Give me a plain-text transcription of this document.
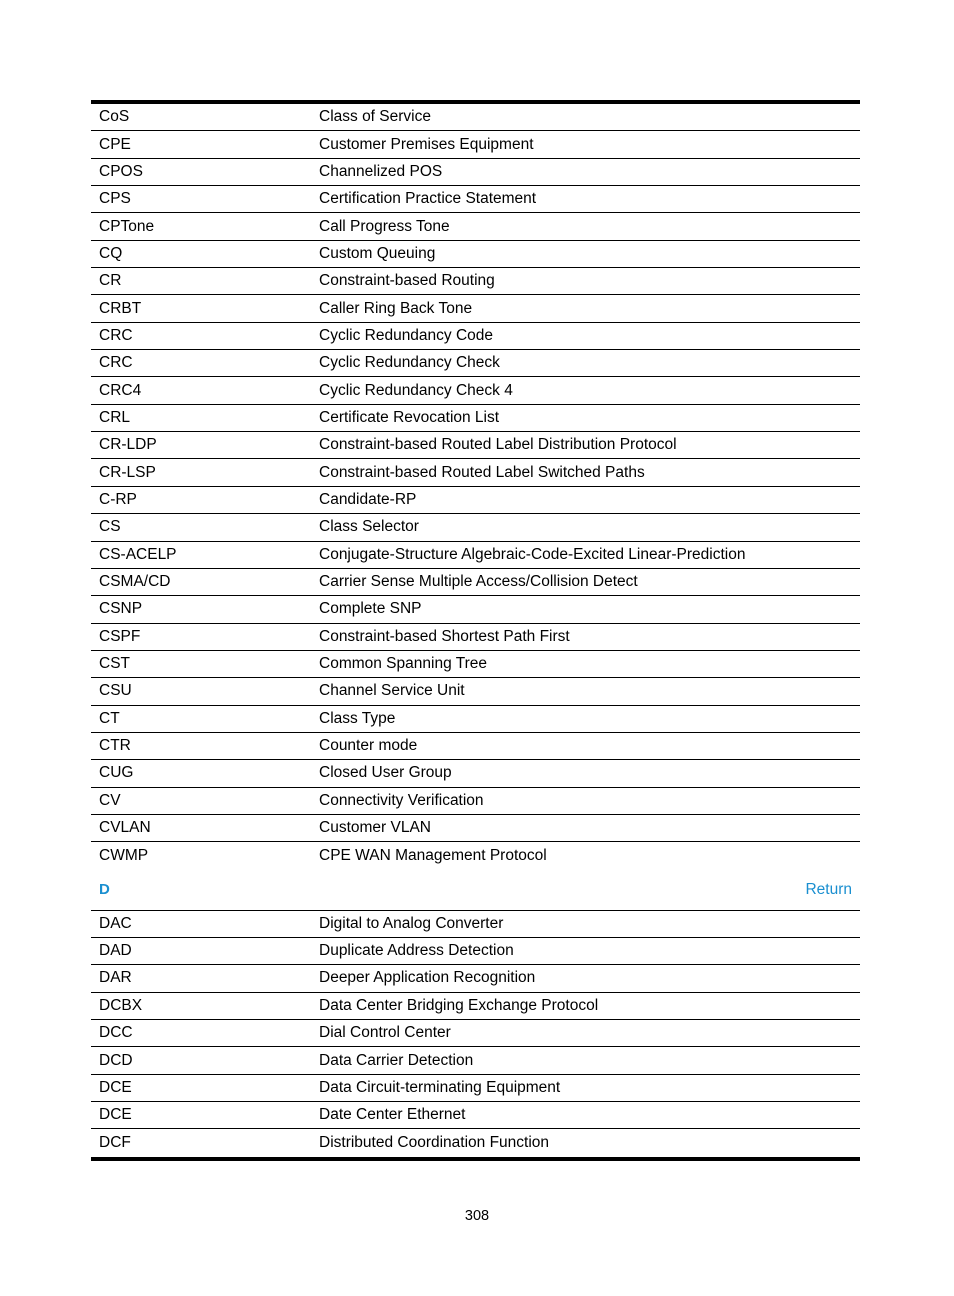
CoS	Class of Service
CPE	Customer Premises Equipment
CPOS	Channelized POS
CPS	Certification Practice Statement
CPTone	Call Progress Tone
CQ	Custom Queuing
CR	Constraint-based Routing
CRBT	Caller Ring Back Tone
CRC	Cyclic Redundancy Code
CRC	Cyclic Redundancy Check
CRC4	Cyclic Redundancy Check 4
CRL	Certificate Revocation List
CR-LDP	Constraint-based Routed Label Distribution Protocol
CR-LSP	Constraint-based Routed Label Switched Paths
C-RP	Candidate-RP
CS	Class Selector
CS-ACELP	Conjugate-Structure Algebraic-Code-Excited Linear-Prediction
CSMA/CD	Carrier Sense Multiple Access/Collision Detect
CSNP	Complete SNP
CSPF	Constraint-based Shortest Path First
CST	Common Spanning Tree
CSU	Channel Service Unit
CT	Class Type
CTR	Counter mode
CUG	Closed User Group
CV	Connectivity Verification
CVLAN	Customer VLAN
CWMP	CPE WAN Management Protocol
D	Return
DAC	Digital to Analog Converter
DAD	Duplicate Address Detection
DAR	Deeper Application Recognition
DCBX	Data Center Bridging Exchange Protocol
DCC	Dial Control Center
DCD	Data Carrier Detection
DCE	Data Circuit-terminating Equipment
DCE	Date Center Ethernet
DCF	Distributed Coordination Function
308
